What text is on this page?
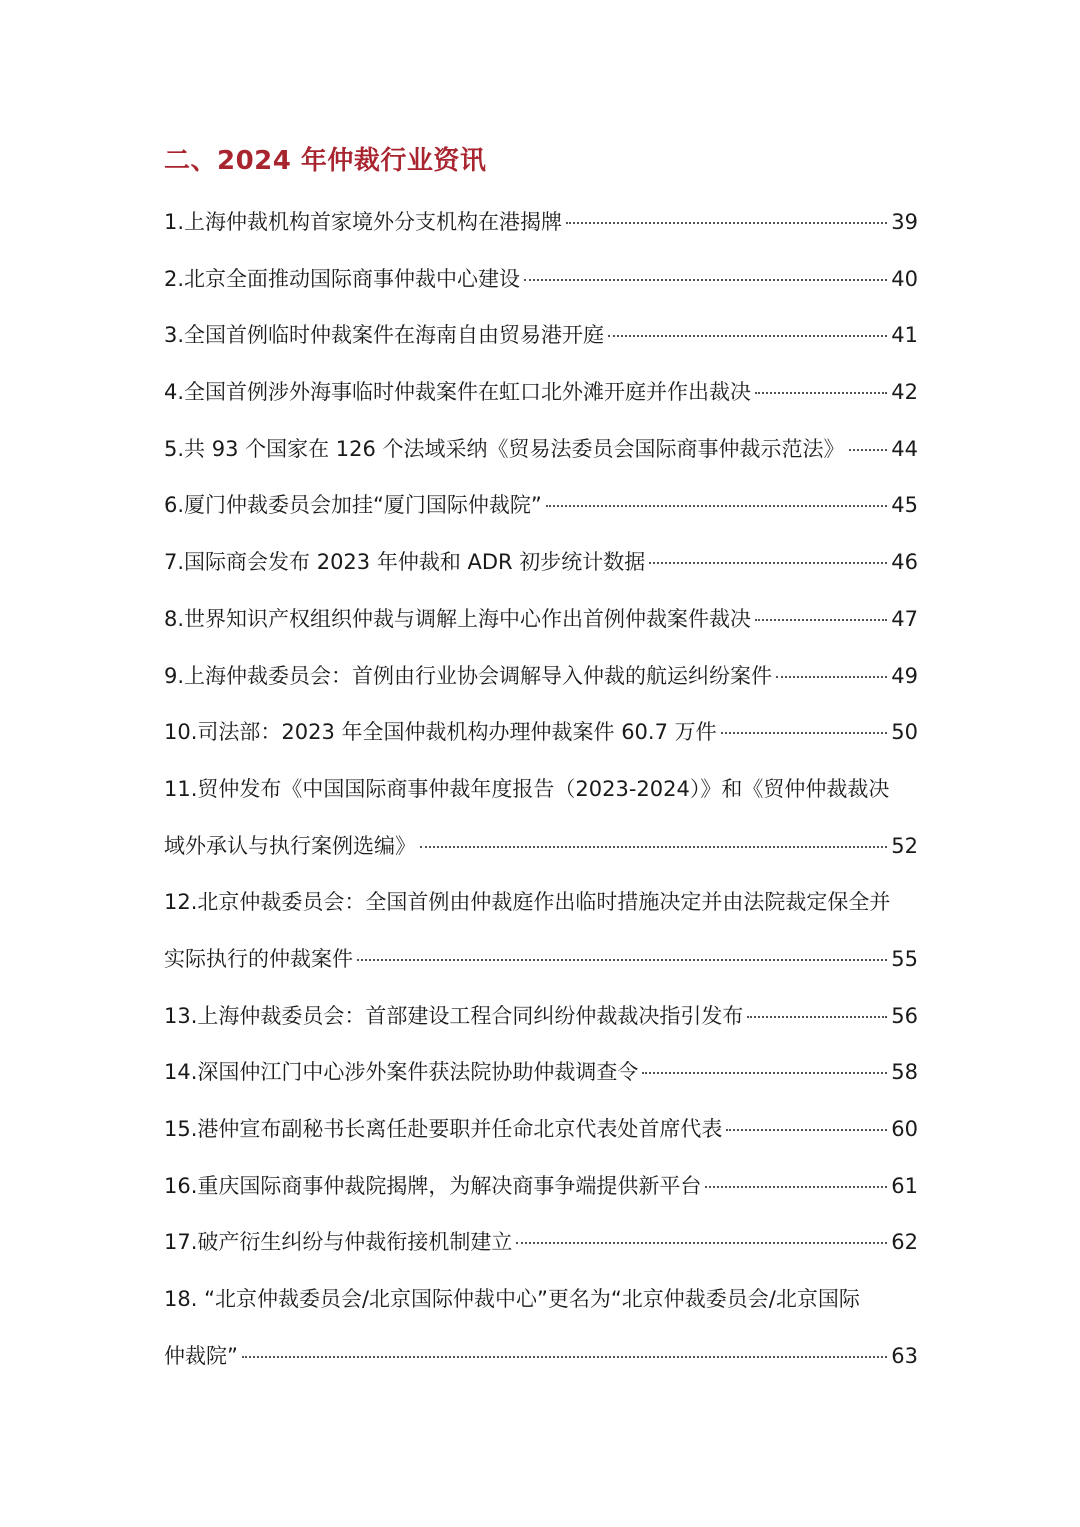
二、2024 年仲裁行业资讯
1.上海仲裁机构首家境外分支机构在港揭牌	39
2.北京全面推动国际商事仲裁中心建设	40
3.全国首例临时仲裁案件在海南自由贸易港开庭	41
4.全国首例涉外海事临时仲裁案件在虹口北外滩开庭并作出裁决	42
5.共 93 个国家在 126 个法域采纳《贸易法委员会国际商事仲裁示范法》 44
6.厦门仲裁委员会加挂“厦门国际仲裁院”	45
7.国际商会发布 2023 年仲裁和 ADR 初步统计数据	46
8.世界知识产权组织仲裁与调解上海中心作出首例仲裁案件裁决	47
9.上海仲裁委员会：首例由行业协会调解导入仲裁的航运纠纷案件	49
10.司法部：2023 年全国仲裁机构办理仲裁案件 60.7 万件	50
11.贸仲发布《中国国际商事仲裁年度报告（2023-2024）》和《贸仲仲裁裁决
域外承认与执行案例选编》	52
12.北京仲裁委员会：全国首例由仲裁庭作出临时措施决定并由法院裁定保全并
实际执行的仲裁案件	55
13.上海仲裁委员会：首部建设工程合同纠纷仲裁裁决指引发布	56
14.深国仲江门中心涉外案件获法院协助仲裁调查令	58
15.港仲宣布副秘书长离任赴要职并任命北京代表处首席代表	60
16.重庆国际商事仲裁院揭牌，为解决商事争端提供新平台	61
17.破产衍生纠纷与仲裁衔接机制建立	62
18. “北京仲裁委员会/北京国际仲裁中心”更名为“北京仲裁委员会/北京国际
仲裁院”	63
